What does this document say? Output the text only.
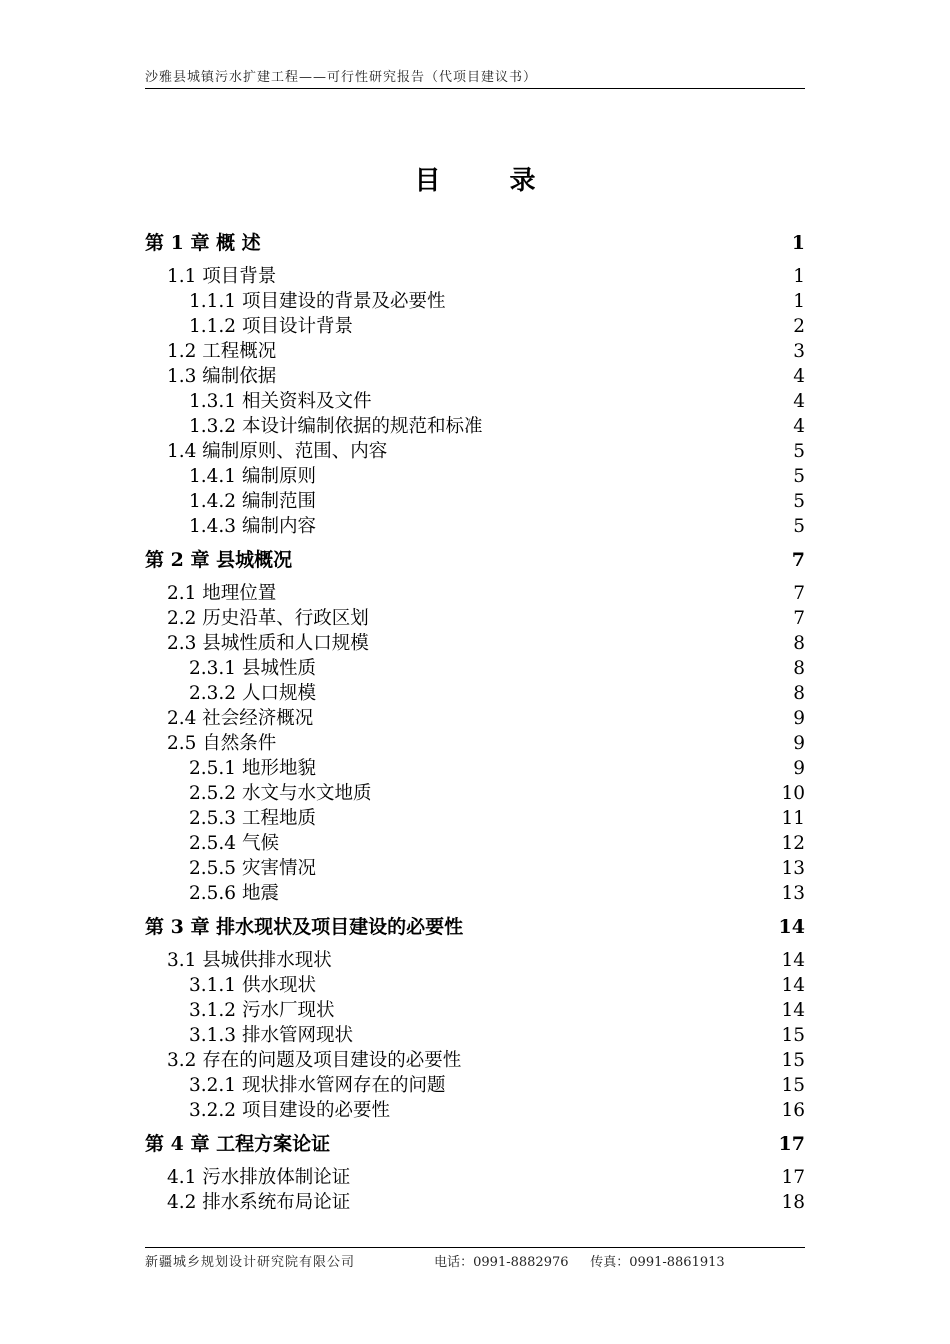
沙雅县城镇污水扩建工程——可行性研究报告（代项目建议书）
目 录
第 1 章 概 述	1
1.1 项目背景	1
1.1.1 项目建设的背景及必要性	1
1.1.2 项目设计背景	2
1.2 工程概况	3
1.3 编制依据	4
1.3.1 相关资料及文件	4
1.3.2 本设计编制依据的规范和标准	4
1.4 编制原则、范围、内容	5
1.4.1 编制原则	5
1.4.2 编制范围	5
1.4.3 编制内容	5
第 2 章 县城概况	7
2.1 地理位置	7
2.2 历史沿革、行政区划	7
2.3 县城性质和人口规模	8
2.3.1 县城性质	8
2.3.2 人口规模	8
2.4 社会经济概况	9
2.5 自然条件	9
2.5.1 地形地貌	9
2.5.2 水文与水文地质	10
2.5.3 工程地质	11
2.5.4 气候	12
2.5.5 灾害情况	13
2.5.6 地震	13
第 3 章 排水现状及项目建设的必要性	14
3.1 县城供排水现状	14
3.1.1 供水现状	14
3.1.2 污水厂现状	14
3.1.3 排水管网现状	15
3.2 存在的问题及项目建设的必要性	15
3.2.1 现状排水管网存在的问题	15
3.2.2 项目建设的必要性	16
第 4 章 工程方案论证	17
4.1 污水排放体制论证	17
4.2 排水系统布局论证	18
新疆城乡规划设计研究院有限公司	电话：0991-8882976 传真：0991-8861913
